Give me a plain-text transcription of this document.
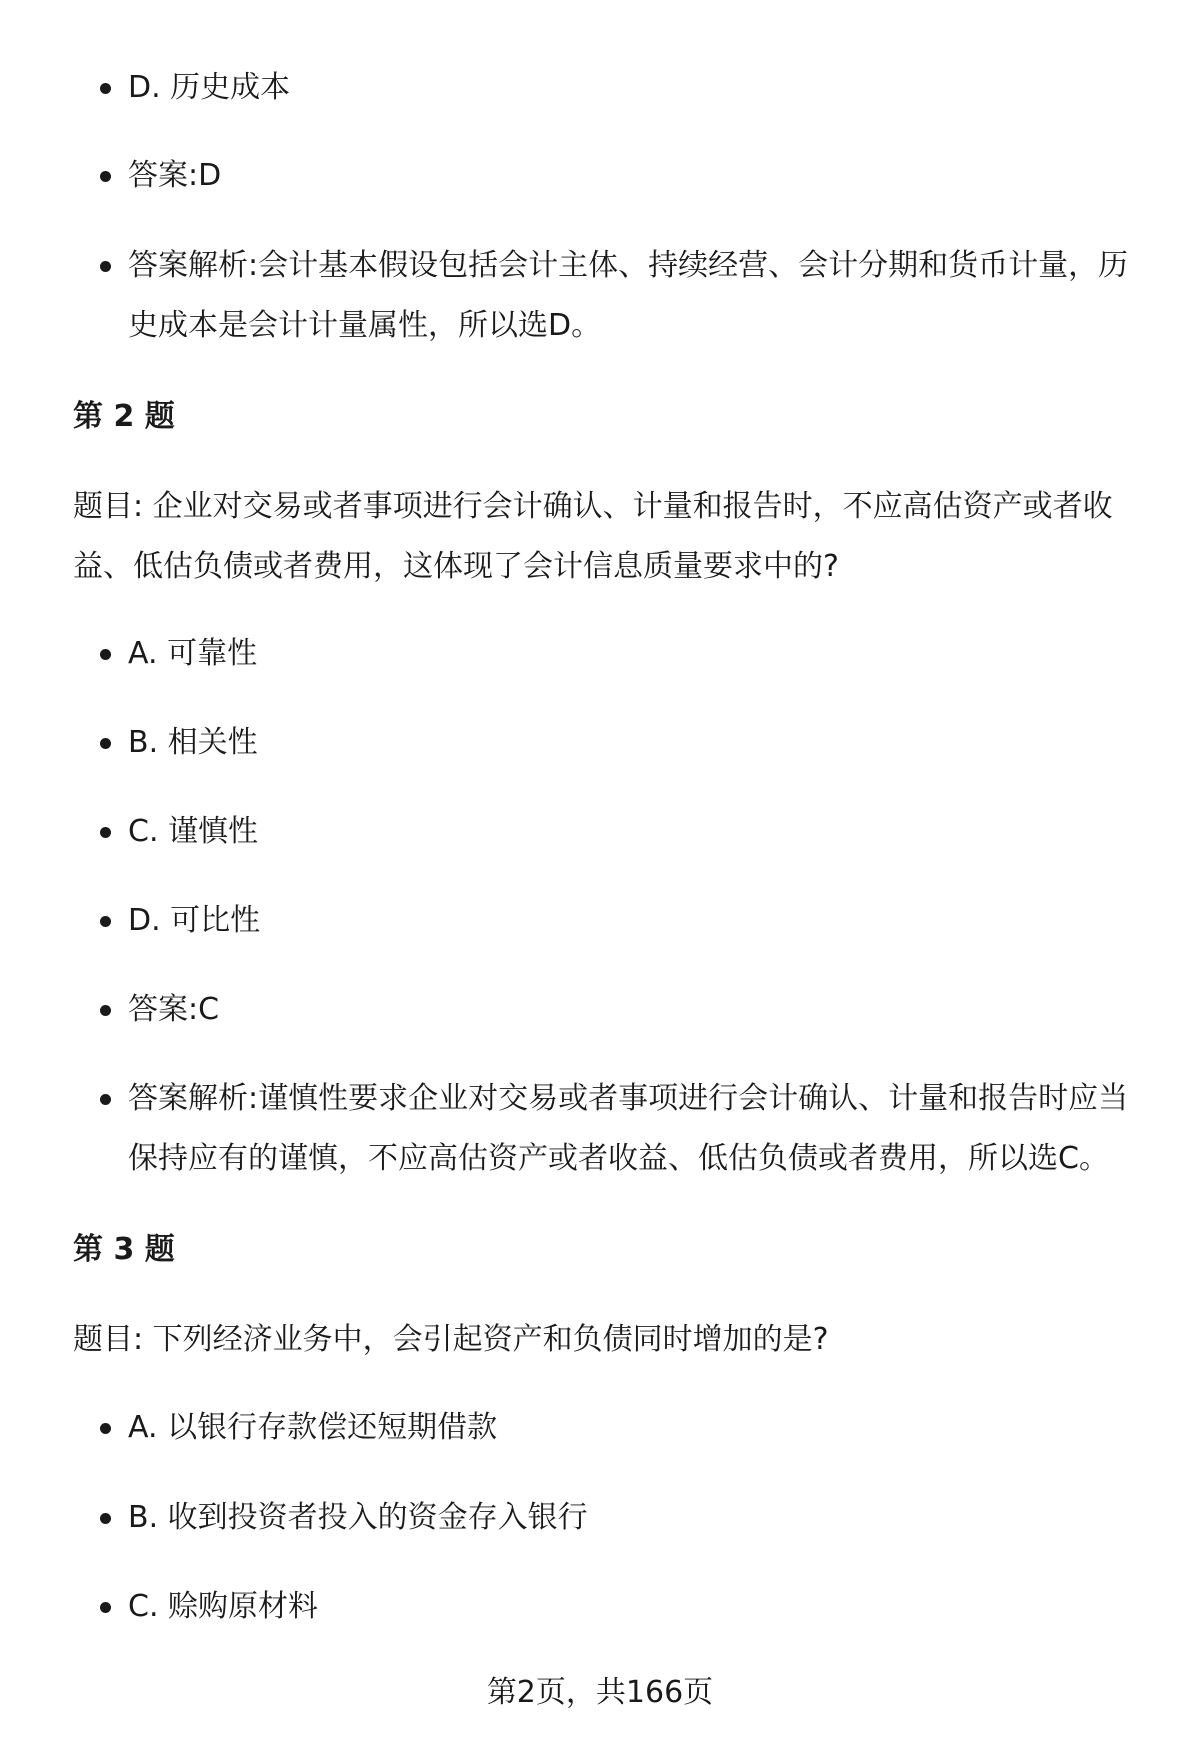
D. 历史成本
答案:D
答案解析:会计基本假设包括会计主体、持续经营、会计分期和货币计量，历史成本是会计计量属性，所以选D。
第 2 题

题目: 企业对交易或者事项进行会计确认、计量和报告时，不应高估资产或者收益、低估负债或者费用，这体现了会计信息质量要求中的?

A. 可靠性
B. 相关性
C. 谨慎性
D. 可比性
答案:C
答案解析:谨慎性要求企业对交易或者事项进行会计确认、计量和报告时应当保持应有的谨慎，不应高估资产或者收益、低估负债或者费用，所以选C。
第 3 题

题目: 下列经济业务中，会引起资产和负债同时增加的是?

A. 以银行存款偿还短期借款
B. 收到投资者投入的资金存入银行
C. 赊购原材料
第2页，共166页
